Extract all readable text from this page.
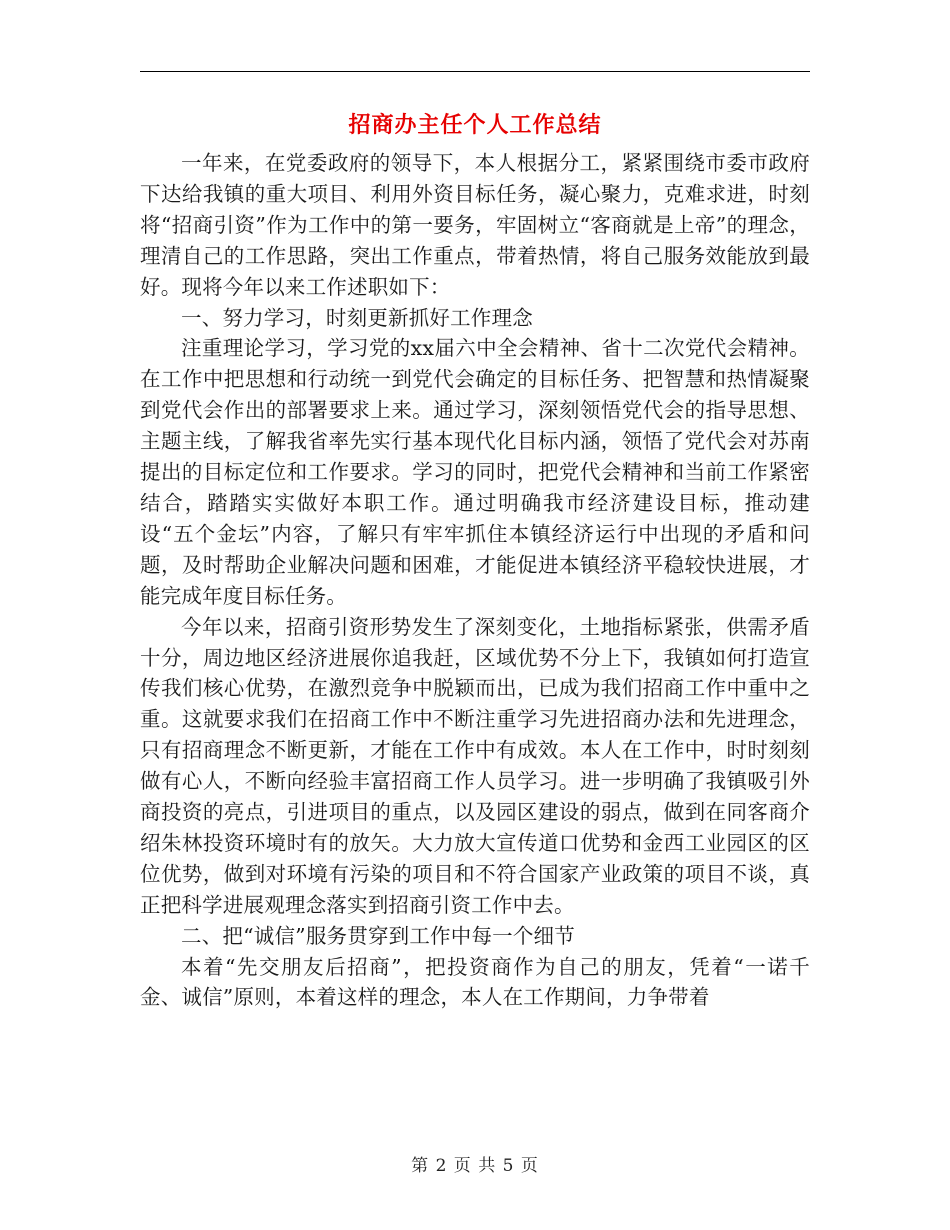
招商办主任个人工作总结

一年来，在党委政府的领导下，本人根据分工，紧紧围绕市委市政府下达给我镇的重大项目、利用外资目标任务，凝心聚力，克难求进，时刻将“招商引资”作为工作中的第一要务，牢固树立“客商就是上帝”的理念，理清自己的工作思路，突出工作重点，带着热情，将自己服务效能放到最好。现将今年以来工作述职如下：

一、努力学习，时刻更新抓好工作理念

注重理论学习，学习党的xx届六中全会精神、省十二次党代会精神。在工作中把思想和行动统一到党代会确定的目标任务、把智慧和热情凝聚到党代会作出的部署要求上来。通过学习，深刻领悟党代会的指导思想、主题主线，了解我省率先实行基本现代化目标内涵，领悟了党代会对苏南提出的目标定位和工作要求。学习的同时，把党代会精神和当前工作紧密结合，踏踏实实做好本职工作。通过明确我市经济建设目标，推动建设“五个金坛”内容，了解只有牢牢抓住本镇经济运行中出现的矛盾和问题，及时帮助企业解决问题和困难，才能促进本镇经济平稳较快进展，才能完成年度目标任务。

今年以来，招商引资形势发生了深刻变化，土地指标紧张，供需矛盾十分，周边地区经济进展你追我赶，区域优势不分上下，我镇如何打造宣传我们核心优势，在激烈竞争中脱颖而出，已成为我们招商工作中重中之重。这就要求我们在招商工作中不断注重学习先进招商办法和先进理念，只有招商理念不断更新，才能在工作中有成效。本人在工作中，时时刻刻做有心人，不断向经验丰富招商工作人员学习。进一步明确了我镇吸引外商投资的亮点，引进项目的重点，以及园区建设的弱点，做到在同客商介绍朱林投资环境时有的放矢。大力放大宣传道口优势和金西工业园区的区位优势，做到对环境有污染的项目和不符合国家产业政策的项目不谈，真正把科学进展观理念落实到招商引资工作中去。

二、把“诚信”服务贯穿到工作中每一个细节

本着“先交朋友后招商”，把投资商作为自己的朋友，凭着“一诺千金、诚信”原则，本着这样的理念，本人在工作期间，力争带着

第 2 页 共 5 页
